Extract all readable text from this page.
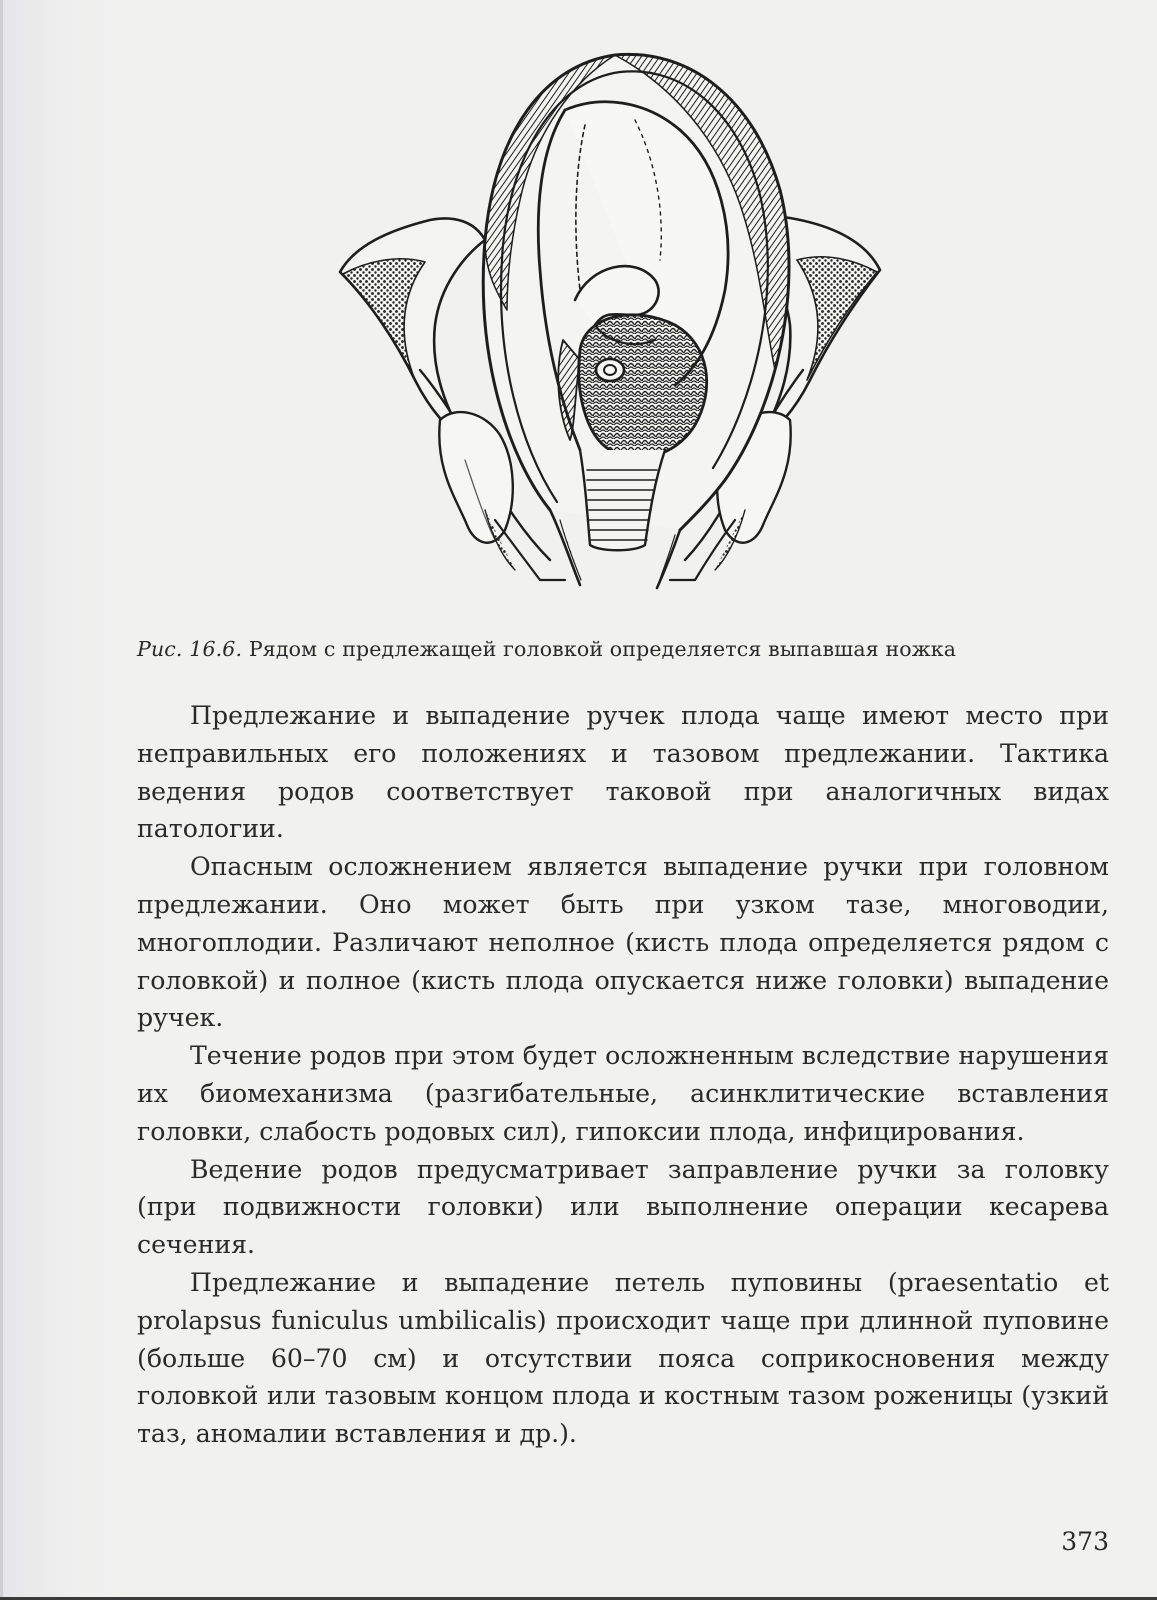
Рис. 16.6. Рядом с предлежащей головкой определяется выпавшая ножка

Предлежание и выпадение ручек плода чаще имеют место при неправильных его положениях и тазовом предлежании. Тактика ведения родов соответствует таковой при аналогичных видах патологии.

Опасным осложнением является выпадение ручки при головном предлежании. Оно может быть при узком тазе, многоводии, многоплодии. Различают неполное (кисть плода определяется рядом с головкой) и полное (кисть плода опускается ниже головки) выпадение ручек.

Течение родов при этом будет осложненным вследствие нарушения их биомеханизма (разгибательные, асинклитические вставления головки, слабость родовых сил), гипоксии плода, инфицирования.

Ведение родов предусматривает заправление ручки за головку (при подвижности головки) или выполнение операции кесарева сечения.

Предлежание и выпадение петель пуповины (praesentatio et prolapsus funiculus umbilicalis) происходит чаще при длинной пуповине (больше 60–70 см) и отсутствии пояса соприкосновения между головкой или тазовым концом плода и костным тазом роженицы (узкий таз, аномалии вставления и др.).

373
